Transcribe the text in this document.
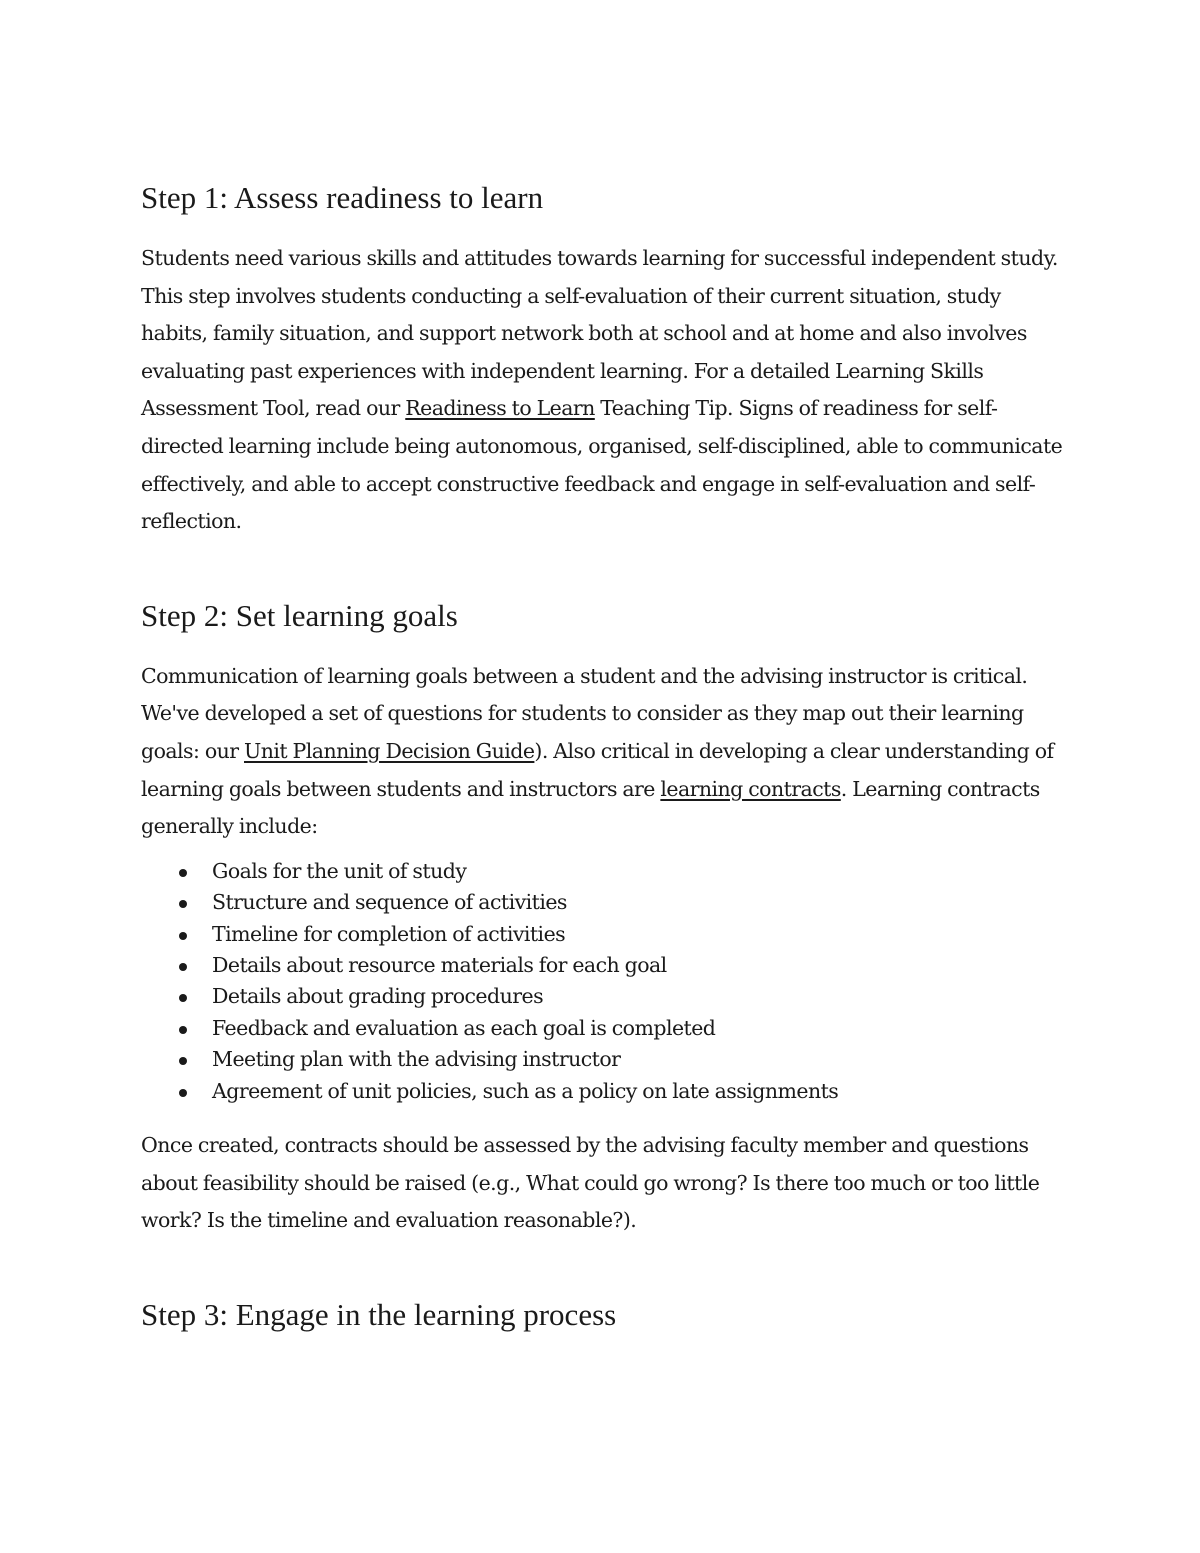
Step 1: Assess readiness to learn

Students need various skills and attitudes towards learning for successful independent study. This step involves students conducting a self-evaluation of their current situation, study habits, family situation, and support network both at school and at home and also involves evaluating past experiences with independent learning. For a detailed Learning Skills Assessment Tool, read our Readiness to Learn Teaching Tip. Signs of readiness for self-directed learning include being autonomous, organised, self-disciplined, able to communicate effectively, and able to accept constructive feedback and engage in self-evaluation and self-reflection.

Step 2: Set learning goals

Communication of learning goals between a student and the advising instructor is critical. We've developed a set of questions for students to consider as they map out their learning goals: our Unit Planning Decision Guide). Also critical in developing a clear understanding of learning goals between students and instructors are learning contracts. Learning contracts generally include:

Goals for the unit of study
Structure and sequence of activities
Timeline for completion of activities
Details about resource materials for each goal
Details about grading procedures
Feedback and evaluation as each goal is completed
Meeting plan with the advising instructor
Agreement of unit policies, such as a policy on late assignments

Once created, contracts should be assessed by the advising faculty member and questions about feasibility should be raised (e.g., What could go wrong? Is there too much or too little work? Is the timeline and evaluation reasonable?).

Step 3: Engage in the learning process
